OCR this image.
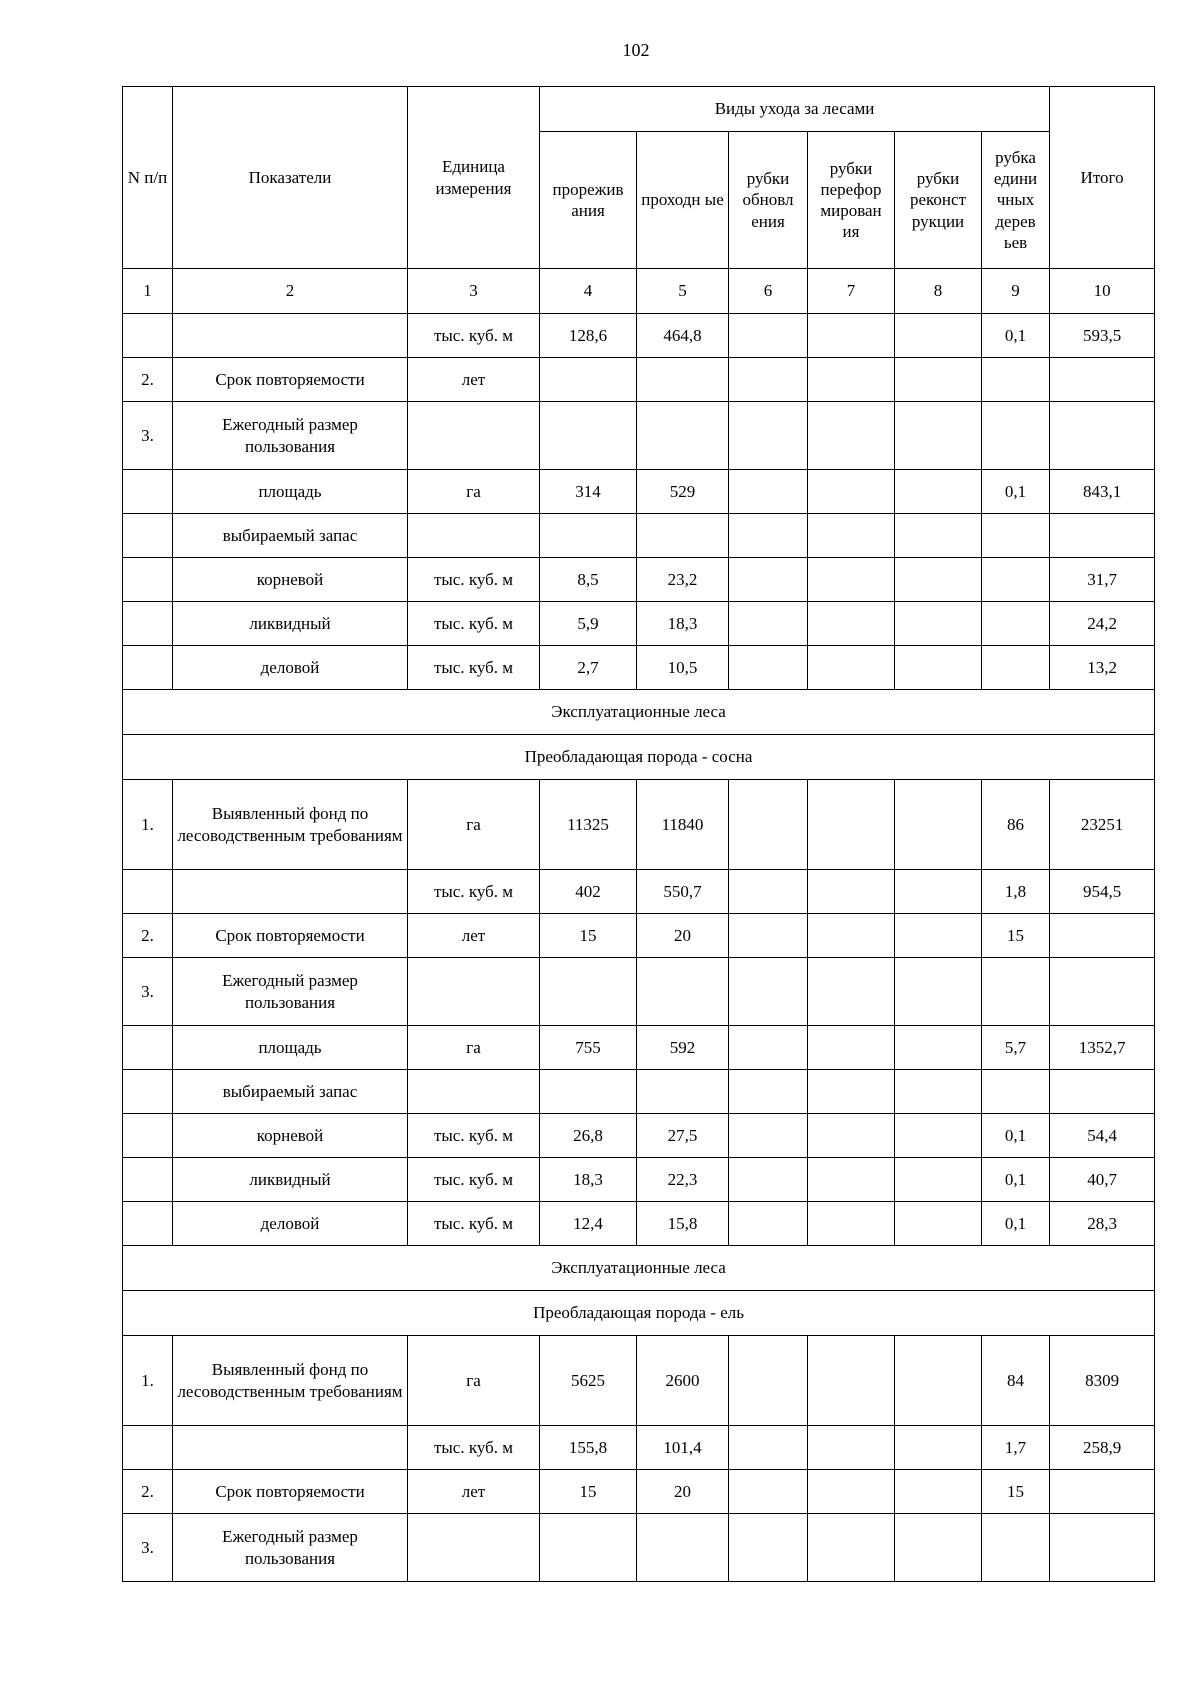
102
N п/п	Показатели	Единица измерения	Виды ухода за лесами						Итого
			прорежив ания	проходн ые	рубки обновл ения	рубки перефор мирован ия	рубки реконст рукции	рубка едини чных дерев ьев	
1	2	3	4	5	6	7	8	9	10
		тыс. куб. м	128,6	464,8				0,1	593,5
2.	Срок повторяемости	лет							
3.	Ежегодный размер пользования								
	площадь	га	314	529				0,1	843,1
	выбираемый запас								
	корневой	тыс. куб. м	8,5	23,2					31,7
	ликвидный	тыс. куб. м	5,9	18,3					24,2
	деловой	тыс. куб. м	2,7	10,5					13,2
Эксплуатационные леса									
Преобладающая порода - сосна									
1.	Выявленный фонд по лесоводственным требованиям	га	11325	11840				86	23251
		тыс. куб. м	402	550,7				1,8	954,5
2.	Срок повторяемости	лет	15	20				15	
3.	Ежегодный размер пользования								
	площадь	га	755	592				5,7	1352,7
	выбираемый запас								
	корневой	тыс. куб. м	26,8	27,5				0,1	54,4
	ликвидный	тыс. куб. м	18,3	22,3				0,1	40,7
	деловой	тыс. куб. м	12,4	15,8				0,1	28,3
Эксплуатационные леса									
Преобладающая порода - ель									
1.	Выявленный фонд по лесоводственным требованиям	га	5625	2600				84	8309
		тыс. куб. м	155,8	101,4				1,7	258,9
2.	Срок повторяемости	лет	15	20				15	
3.	Ежегодный размер пользования								
